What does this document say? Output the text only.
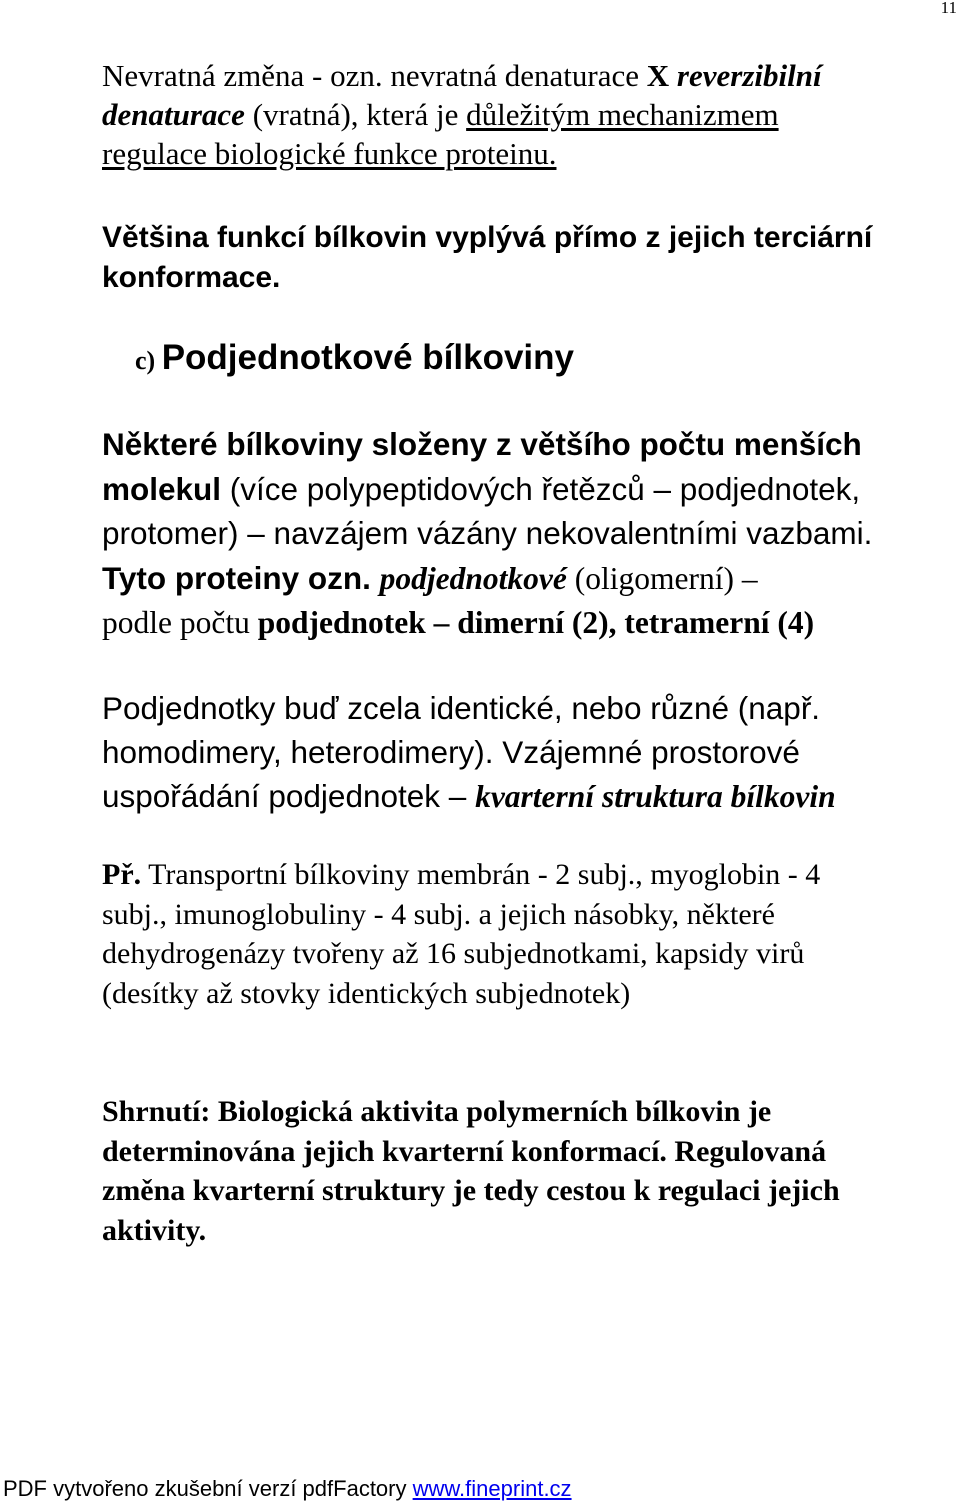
11

Nevratná změna - ozn. nevratná denaturace X reverzibilní
denaturace (vratná), která je důležitým mechanizmem
regulace biologické funkce proteinu.

Většina funkcí bílkovin vyplývá přímo z jejich terciární
konformace.

c) Podjednotkové bílkoviny

Některé bílkoviny složeny z většího počtu menších
molekul (více polypeptidových řetězců – podjednotek,
protomer) – navzájem vázány nekovalentními vazbami.
Tyto proteiny ozn. podjednotkové (oligomerní) –
podle počtu podjednotek – dimerní (2), tetramerní (4)

Podjednotky buď zcela identické, nebo různé (např.
homodimery, heterodimery). Vzájemné prostorové
uspořádání podjednotek – kvarterní struktura bílkovin

Př. Transportní bílkoviny membrán - 2 subj., myoglobin - 4
subj., imunoglobuliny - 4 subj. a jejich násobky, některé
dehydrogenázy tvořeny až 16 subjednotkami, kapsidy virů
(desítky až stovky identických subjednotek)

Shrnutí: Biologická aktivita polymerních bílkovin je
determinována jejich kvarterní konformací. Regulovaná
změna kvarterní struktury je tedy cestou k regulaci jejich
aktivity.

PDF vytvořeno zkušební verzí pdfFactory www.fineprint.cz
